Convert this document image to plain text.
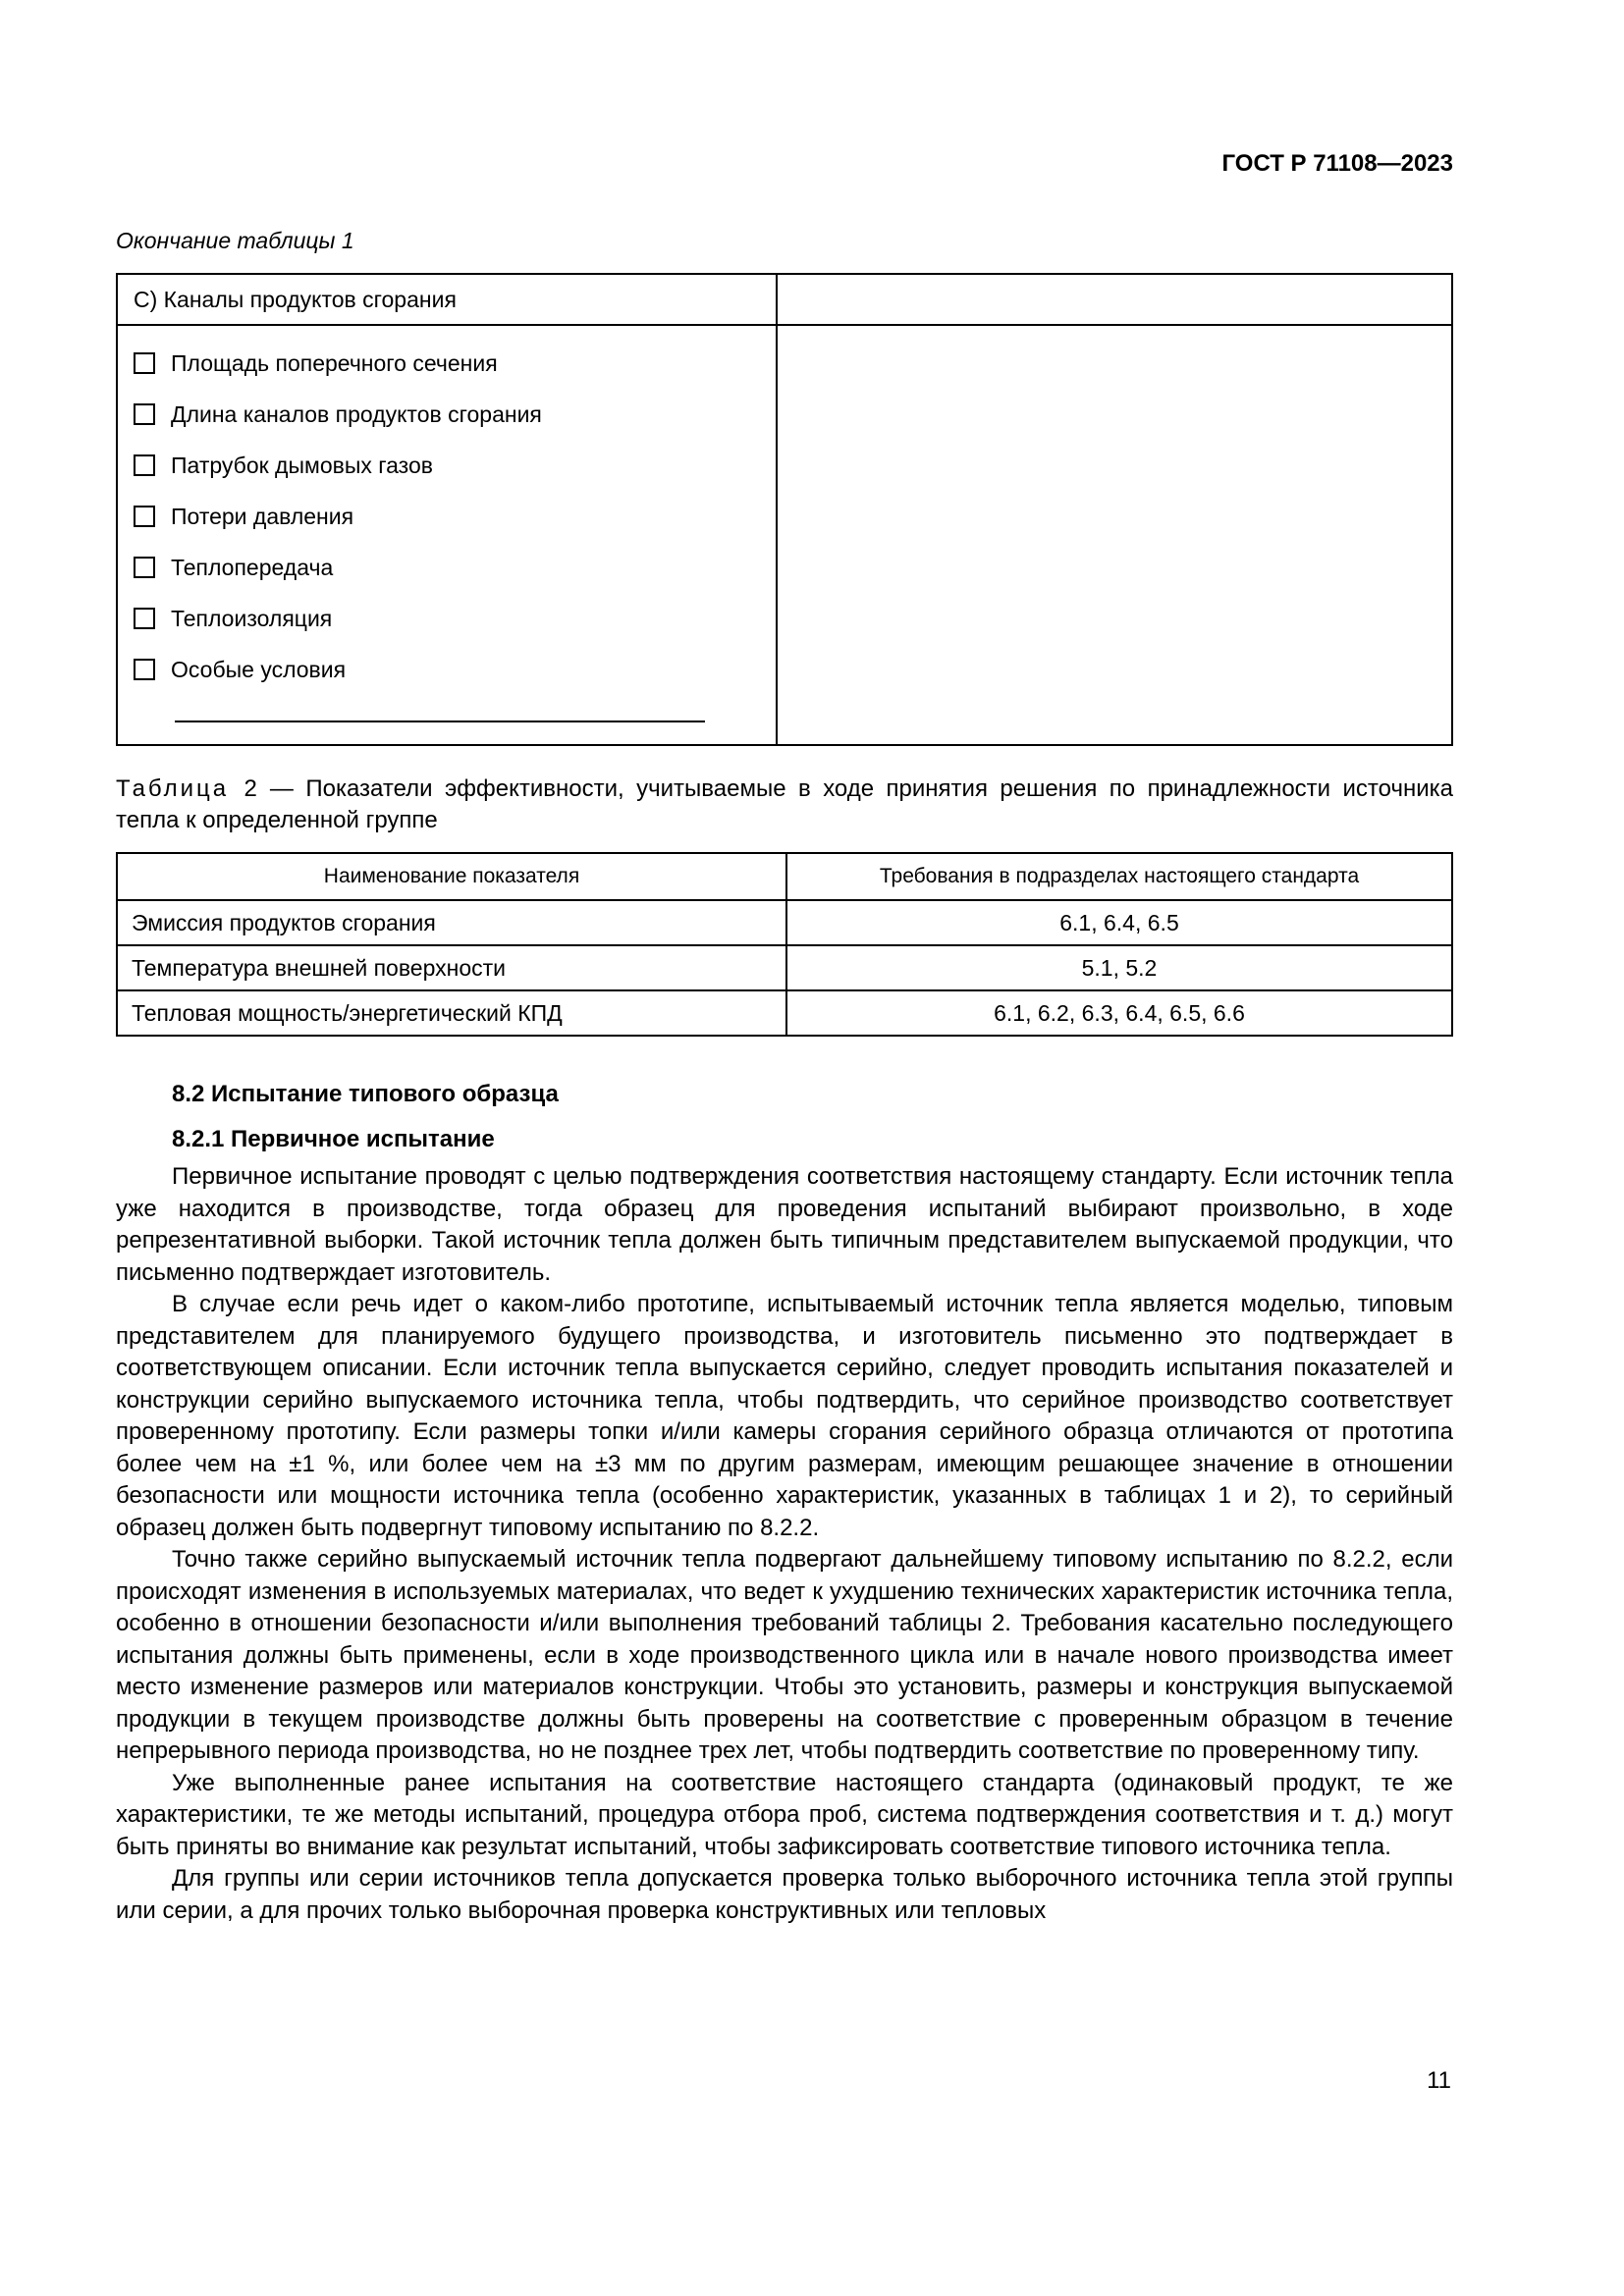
ГОСТ Р 71108—2023
Окончание таблицы 1
C) Каналы продуктов сгорания
Площадь поперечного сечения
Длина каналов продуктов сгорания
Патрубок дымовых газов
Потери давления
Теплопередача
Теплоизоляция
Особые условия
Таблица 2 — Показатели эффективности, учитываемые в ходе принятия решения по принадлежности источника тепла к определенной группе
Наименование показателя	Требования в подразделах настоящего стандарта
Эмиссия продуктов сгорания	6.1, 6.4, 6.5
Температура внешней поверхности	5.1, 5.2
Тепловая мощность/энергетический КПД	6.1, 6.2, 6.3, 6.4, 6.5, 6.6
8.2 Испытание типового образца
8.2.1 Первичное испытание

Первичное испытание проводят с целью подтверждения соответствия настоящему стандарту. Если источник тепла уже находится в производстве, тогда образец для проведения испытаний выбирают произвольно, в ходе репрезентативной выборки. Такой источник тепла должен быть типичным представителем выпускаемой продукции, что письменно подтверждает изготовитель.

В случае если речь идет о каком-либо прототипе, испытываемый источник тепла является моделью, типовым представителем для планируемого будущего производства, и изготовитель письменно это подтверждает в соответствующем описании. Если источник тепла выпускается серийно, следует проводить испытания показателей и конструкции серийно выпускаемого источника тепла, чтобы подтвердить, что серийное производство соответствует проверенному прототипу. Если размеры топки и/или камеры сгорания серийного образца отличаются от прототипа более чем на ±1 %, или более чем на ±3 мм по другим размерам, имеющим решающее значение в отношении безопасности или мощности источника тепла (особенно характеристик, указанных в таблицах 1 и 2), то серийный образец должен быть подвергнут типовому испытанию по 8.2.2.

Точно также серийно выпускаемый источник тепла подвергают дальнейшему типовому испытанию по 8.2.2, если происходят изменения в используемых материалах, что ведет к ухудшению технических характеристик источника тепла, особенно в отношении безопасности и/или выполнения требований таблицы 2. Требования касательно последующего испытания должны быть применены, если в ходе производственного цикла или в начале нового производства имеет место изменение размеров или материалов конструкции. Чтобы это установить, размеры и конструкция выпускаемой продукции в текущем производстве должны быть проверены на соответствие с проверенным образцом в течение непрерывного периода производства, но не позднее трех лет, чтобы подтвердить соответствие по проверенному типу.

Уже выполненные ранее испытания на соответствие настоящего стандарта (одинаковый продукт, те же характеристики, те же методы испытаний, процедура отбора проб, система подтверждения соответствия и т. д.) могут быть приняты во внимание как результат испытаний, чтобы зафиксировать соответствие типового источника тепла.

Для группы или серии источников тепла допускается проверка только выборочного источника тепла этой группы или серии, а для прочих только выборочная проверка конструктивных или тепловых

11
